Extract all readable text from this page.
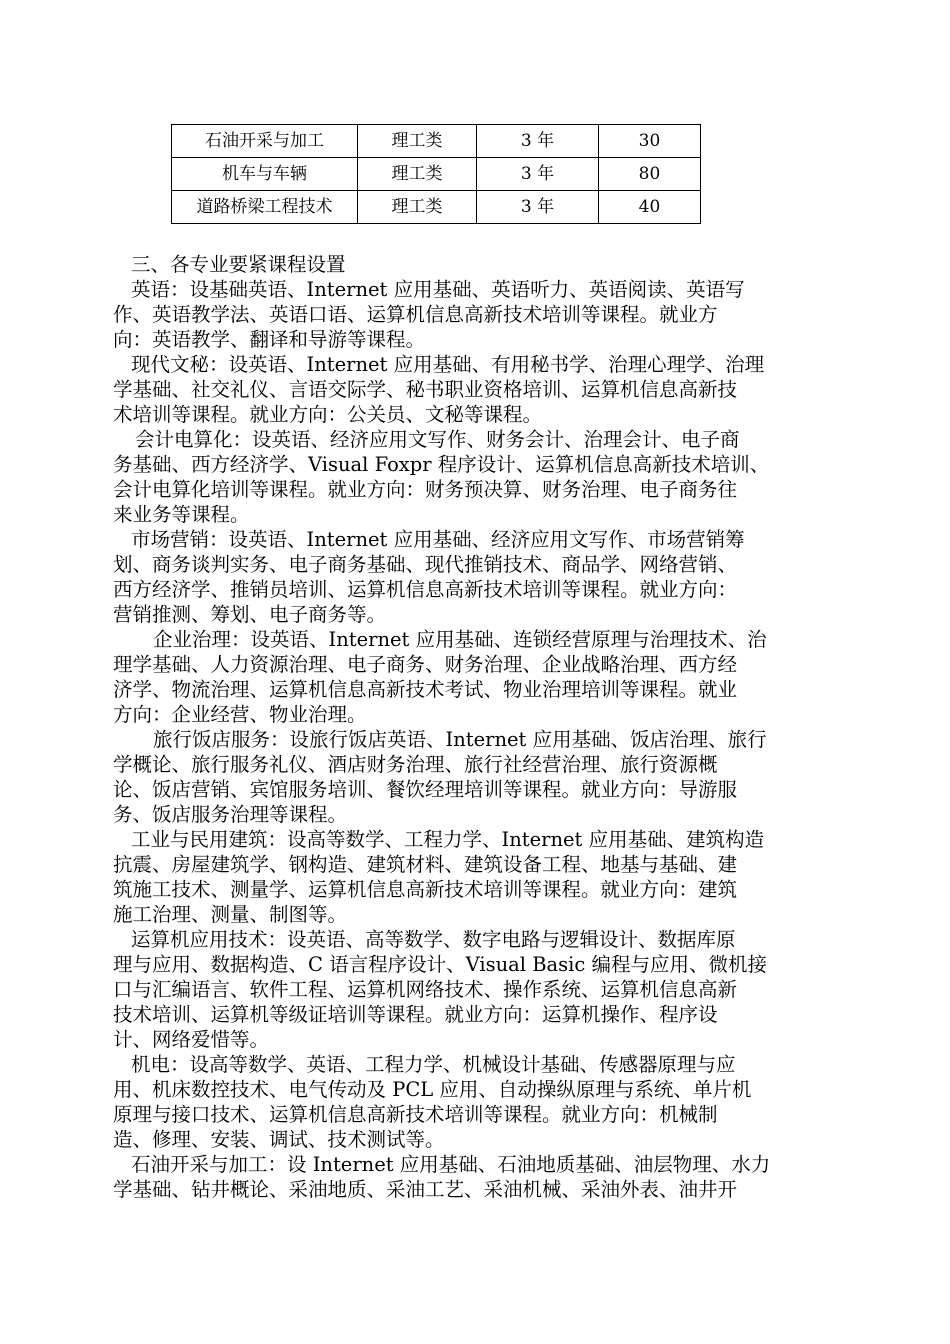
石油开采与加工	理工类	3 年	30
机车与车辆	理工类	3 年	80
道路桥梁工程技术	理工类	3 年	40
三、各专业要紧课程设置
英语：设基础英语、Internet 应用基础、英语听力、英语阅读、英语写
作、英语教学法、英语口语、运算机信息高新技术培训等课程。就业方
向：英语教学、翻译和导游等课程。
现代文秘：设英语、Internet 应用基础、有用秘书学、治理心理学、治理
学基础、社交礼仪、言语交际学、秘书职业资格培训、运算机信息高新技
术培训等课程。就业方向：公关员、文秘等课程。
会计电算化：设英语、经济应用文写作、财务会计、治理会计、电子商
务基础、西方经济学、Visual Foxpr 程序设计、运算机信息高新技术培训、
会计电算化培训等课程。就业方向：财务预决算、财务治理、电子商务往
来业务等课程。
市场营销：设英语、Internet 应用基础、经济应用文写作、市场营销筹
划、商务谈判实务、电子商务基础、现代推销技术、商品学、网络营销、
西方经济学、推销员培训、运算机信息高新技术培训等课程。就业方向：
营销推测、筹划、电子商务等。
企业治理：设英语、Internet 应用基础、连锁经营原理与治理技术、治
理学基础、人力资源治理、电子商务、财务治理、企业战略治理、西方经
济学、物流治理、运算机信息高新技术考试、物业治理培训等课程。就业
方向：企业经营、物业治理。
旅行饭店服务：设旅行饭店英语、Internet 应用基础、饭店治理、旅行
学概论、旅行服务礼仪、酒店财务治理、旅行社经营治理、旅行资源概
论、饭店营销、宾馆服务培训、餐饮经理培训等课程。就业方向：导游服
务、饭店服务治理等课程。
工业与民用建筑：设高等数学、工程力学、Internet 应用基础、建筑构造
抗震、房屋建筑学、钢构造、建筑材料、建筑设备工程、地基与基础、建
筑施工技术、测量学、运算机信息高新技术培训等课程。就业方向：建筑
施工治理、测量、制图等。
运算机应用技术：设英语、高等数学、数字电路与逻辑设计、数据库原
理与应用、数据构造、C 语言程序设计、Visual Basic 编程与应用、微机接
口与汇编语言、软件工程、运算机网络技术、操作系统、运算机信息高新
技术培训、运算机等级证培训等课程。就业方向：运算机操作、程序设
计、网络爱惜等。
机电：设高等数学、英语、工程力学、机械设计基础、传感器原理与应
用、机床数控技术、电气传动及 PCL 应用、自动操纵原理与系统、单片机
原理与接口技术、运算机信息高新技术培训等课程。就业方向：机械制
造、修理、安装、调试、技术测试等。
石油开采与加工：设 Internet 应用基础、石油地质基础、油层物理、水力
学基础、钻井概论、采油地质、采油工艺、采油机械、采油外表、油井开
